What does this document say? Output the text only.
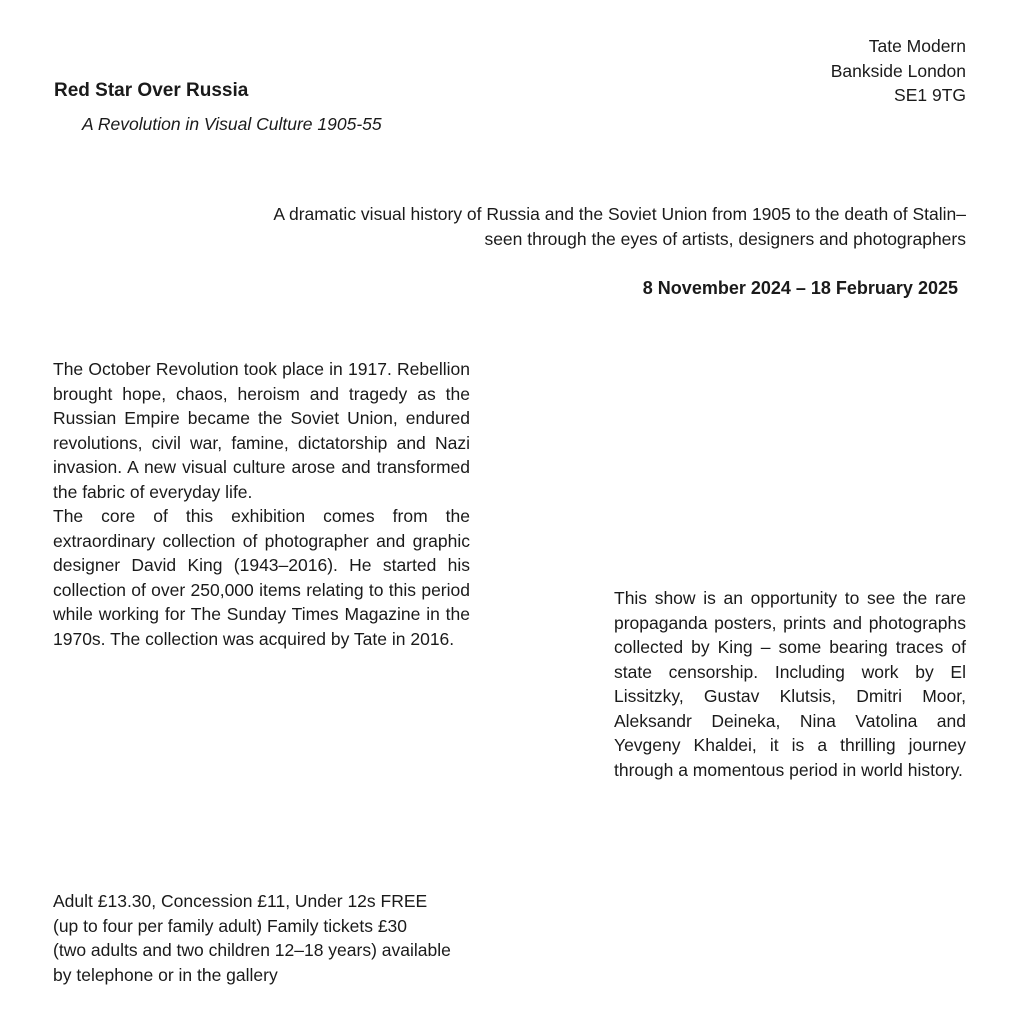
Tate Modern
Bankside London
SE1 9TG
Red Star Over Russia
A Revolution in Visual Culture 1905-55
A dramatic visual history of Russia and the Soviet Union from 1905 to the death of Stalin–
seen through the eyes of artists, designers and photographers
8 November 2024 – 18 February 2025

The October Revolution took place in 1917. Rebellion brought hope, chaos, heroism and tragedy as the Russian Empire became the Soviet Union, endured revolutions, civil war, famine, dictatorship and Nazi invasion. A new visual culture arose and transformed the fabric of everyday life.

The core of this exhibition comes from the extraordinary collection of photographer and graphic designer David King (1943–2016). He started his collection of over 250,000 items relating to this period while working for The Sunday Times Magazine in the 1970s. The collection was acquired by Tate in 2016.

This show is an opportunity to see the rare propaganda posters, prints and photographs collected by King – some bearing traces of state censorship. Including work by El Lissitzky, Gustav Klutsis, Dmitri Moor, Aleksandr Deineka, Nina Vatolina and Yevgeny Khaldei, it is a thrilling journey through a momentous period in world history.

Adult £13.30, Concession £11, Under 12s FREE
(up to four per family adult) Family tickets £30
(two adults and two children 12–18 years) available
by telephone or in the gallery
